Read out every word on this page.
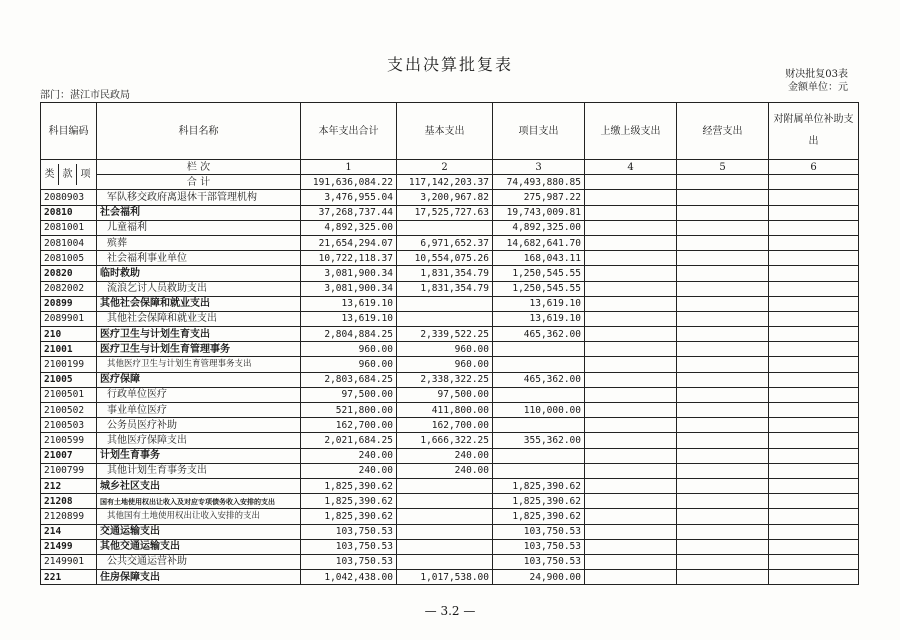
支出决算批复表
财决批复03表
金额单位：元
部门：湛江市民政局
科目编码	科目名称	本年支出合计	基本支出	项目支出	上缴上级支出	经营支出	对附属单位补助支出
类 款 项	栏 次	1	2	3	4	5	6
	合 计	191,636,084.22	117,142,203.37	74,493,880.85			
2080903	军队移交政府离退休干部管理机构	3,476,955.04	3,200,967.82	275,987.22			
20810	社会福利	37,268,737.44	17,525,727.63	19,743,009.81			
2081001	儿童福利	4,892,325.00		4,892,325.00			
2081004	殡葬	21,654,294.07	6,971,652.37	14,682,641.70			
2081005	社会福利事业单位	10,722,118.37	10,554,075.26	168,043.11			
20820	临时救助	3,081,900.34	1,831,354.79	1,250,545.55			
2082002	流浪乞讨人员救助支出	3,081,900.34	1,831,354.79	1,250,545.55			
20899	其他社会保障和就业支出	13,619.10		13,619.10			
2089901	其他社会保障和就业支出	13,619.10		13,619.10			
210	医疗卫生与计划生育支出	2,804,884.25	2,339,522.25	465,362.00			
21001	医疗卫生与计划生育管理事务	960.00	960.00				
2100199	其他医疗卫生与计划生育管理事务支出	960.00	960.00				
21005	医疗保障	2,803,684.25	2,338,322.25	465,362.00			
2100501	行政单位医疗	97,500.00	97,500.00				
2100502	事业单位医疗	521,800.00	411,800.00	110,000.00			
2100503	公务员医疗补助	162,700.00	162,700.00				
2100599	其他医疗保障支出	2,021,684.25	1,666,322.25	355,362.00			
21007	计划生育事务	240.00	240.00				
2100799	其他计划生育事务支出	240.00	240.00				
212	城乡社区支出	1,825,390.62		1,825,390.62			
21208	国有土地使用权出让收入及对应专项债务收入安排的支出	1,825,390.62		1,825,390.62			
2120899	其他国有土地使用权出让收入安排的支出	1,825,390.62		1,825,390.62			
214	交通运输支出	103,750.53		103,750.53			
21499	其他交通运输支出	103,750.53		103,750.53			
2149901	公共交通运营补助	103,750.53		103,750.53			
221	住房保障支出	1,042,438.00	1,017,538.00	24,900.00			
— 3.2 —
